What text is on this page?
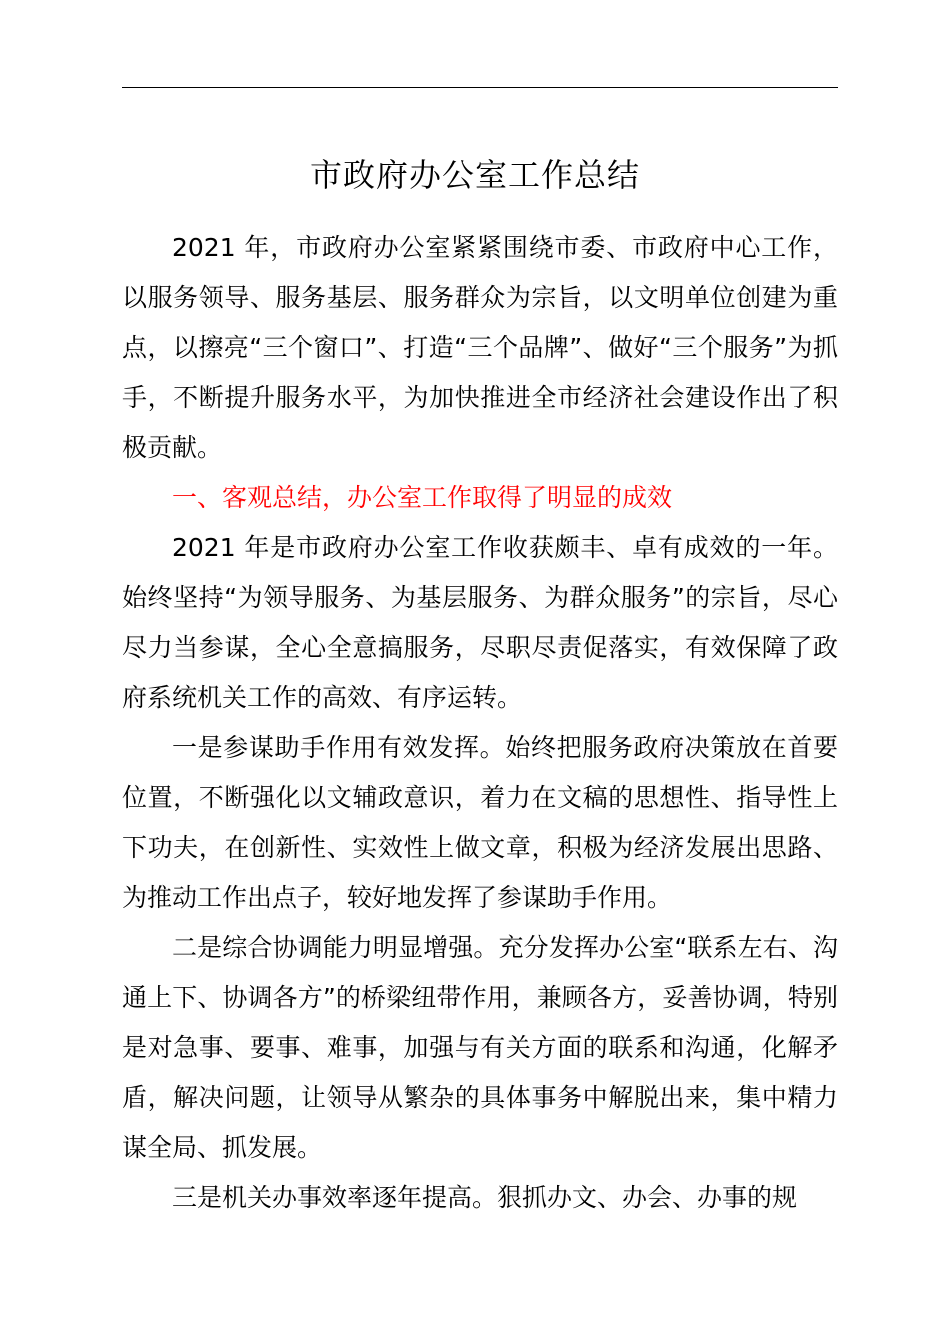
市政府办公室工作总结

2021 年，市政府办公室紧紧围绕市委、市政府中心工作，以服务领导、服务基层、服务群众为宗旨，以文明单位创建为重点，以擦亮“三个窗口”、打造“三个品牌”、做好“三个服务”为抓手，不断提升服务水平，为加快推进全市经济社会建设作出了积极贡献。

一、客观总结，办公室工作取得了明显的成效

2021 年是市政府办公室工作收获颇丰、卓有成效的一年。始终坚持“为领导服务、为基层服务、为群众服务”的宗旨，尽心尽力当参谋，全心全意搞服务，尽职尽责促落实，有效保障了政府系统机关工作的高效、有序运转。

一是参谋助手作用有效发挥。始终把服务政府决策放在首要位置，不断强化以文辅政意识，着力在文稿的思想性、指导性上下功夫，在创新性、实效性上做文章，积极为经济发展出思路、为推动工作出点子，较好地发挥了参谋助手作用。

二是综合协调能力明显增强。充分发挥办公室“联系左右、沟通上下、协调各方”的桥梁纽带作用，兼顾各方，妥善协调，特别是对急事、要事、难事，加强与有关方面的联系和沟通，化解矛盾，解决问题，让领导从繁杂的具体事务中解脱出来，集中精力谋全局、抓发展。

三是机关办事效率逐年提高。狠抓办文、办会、办事的规
